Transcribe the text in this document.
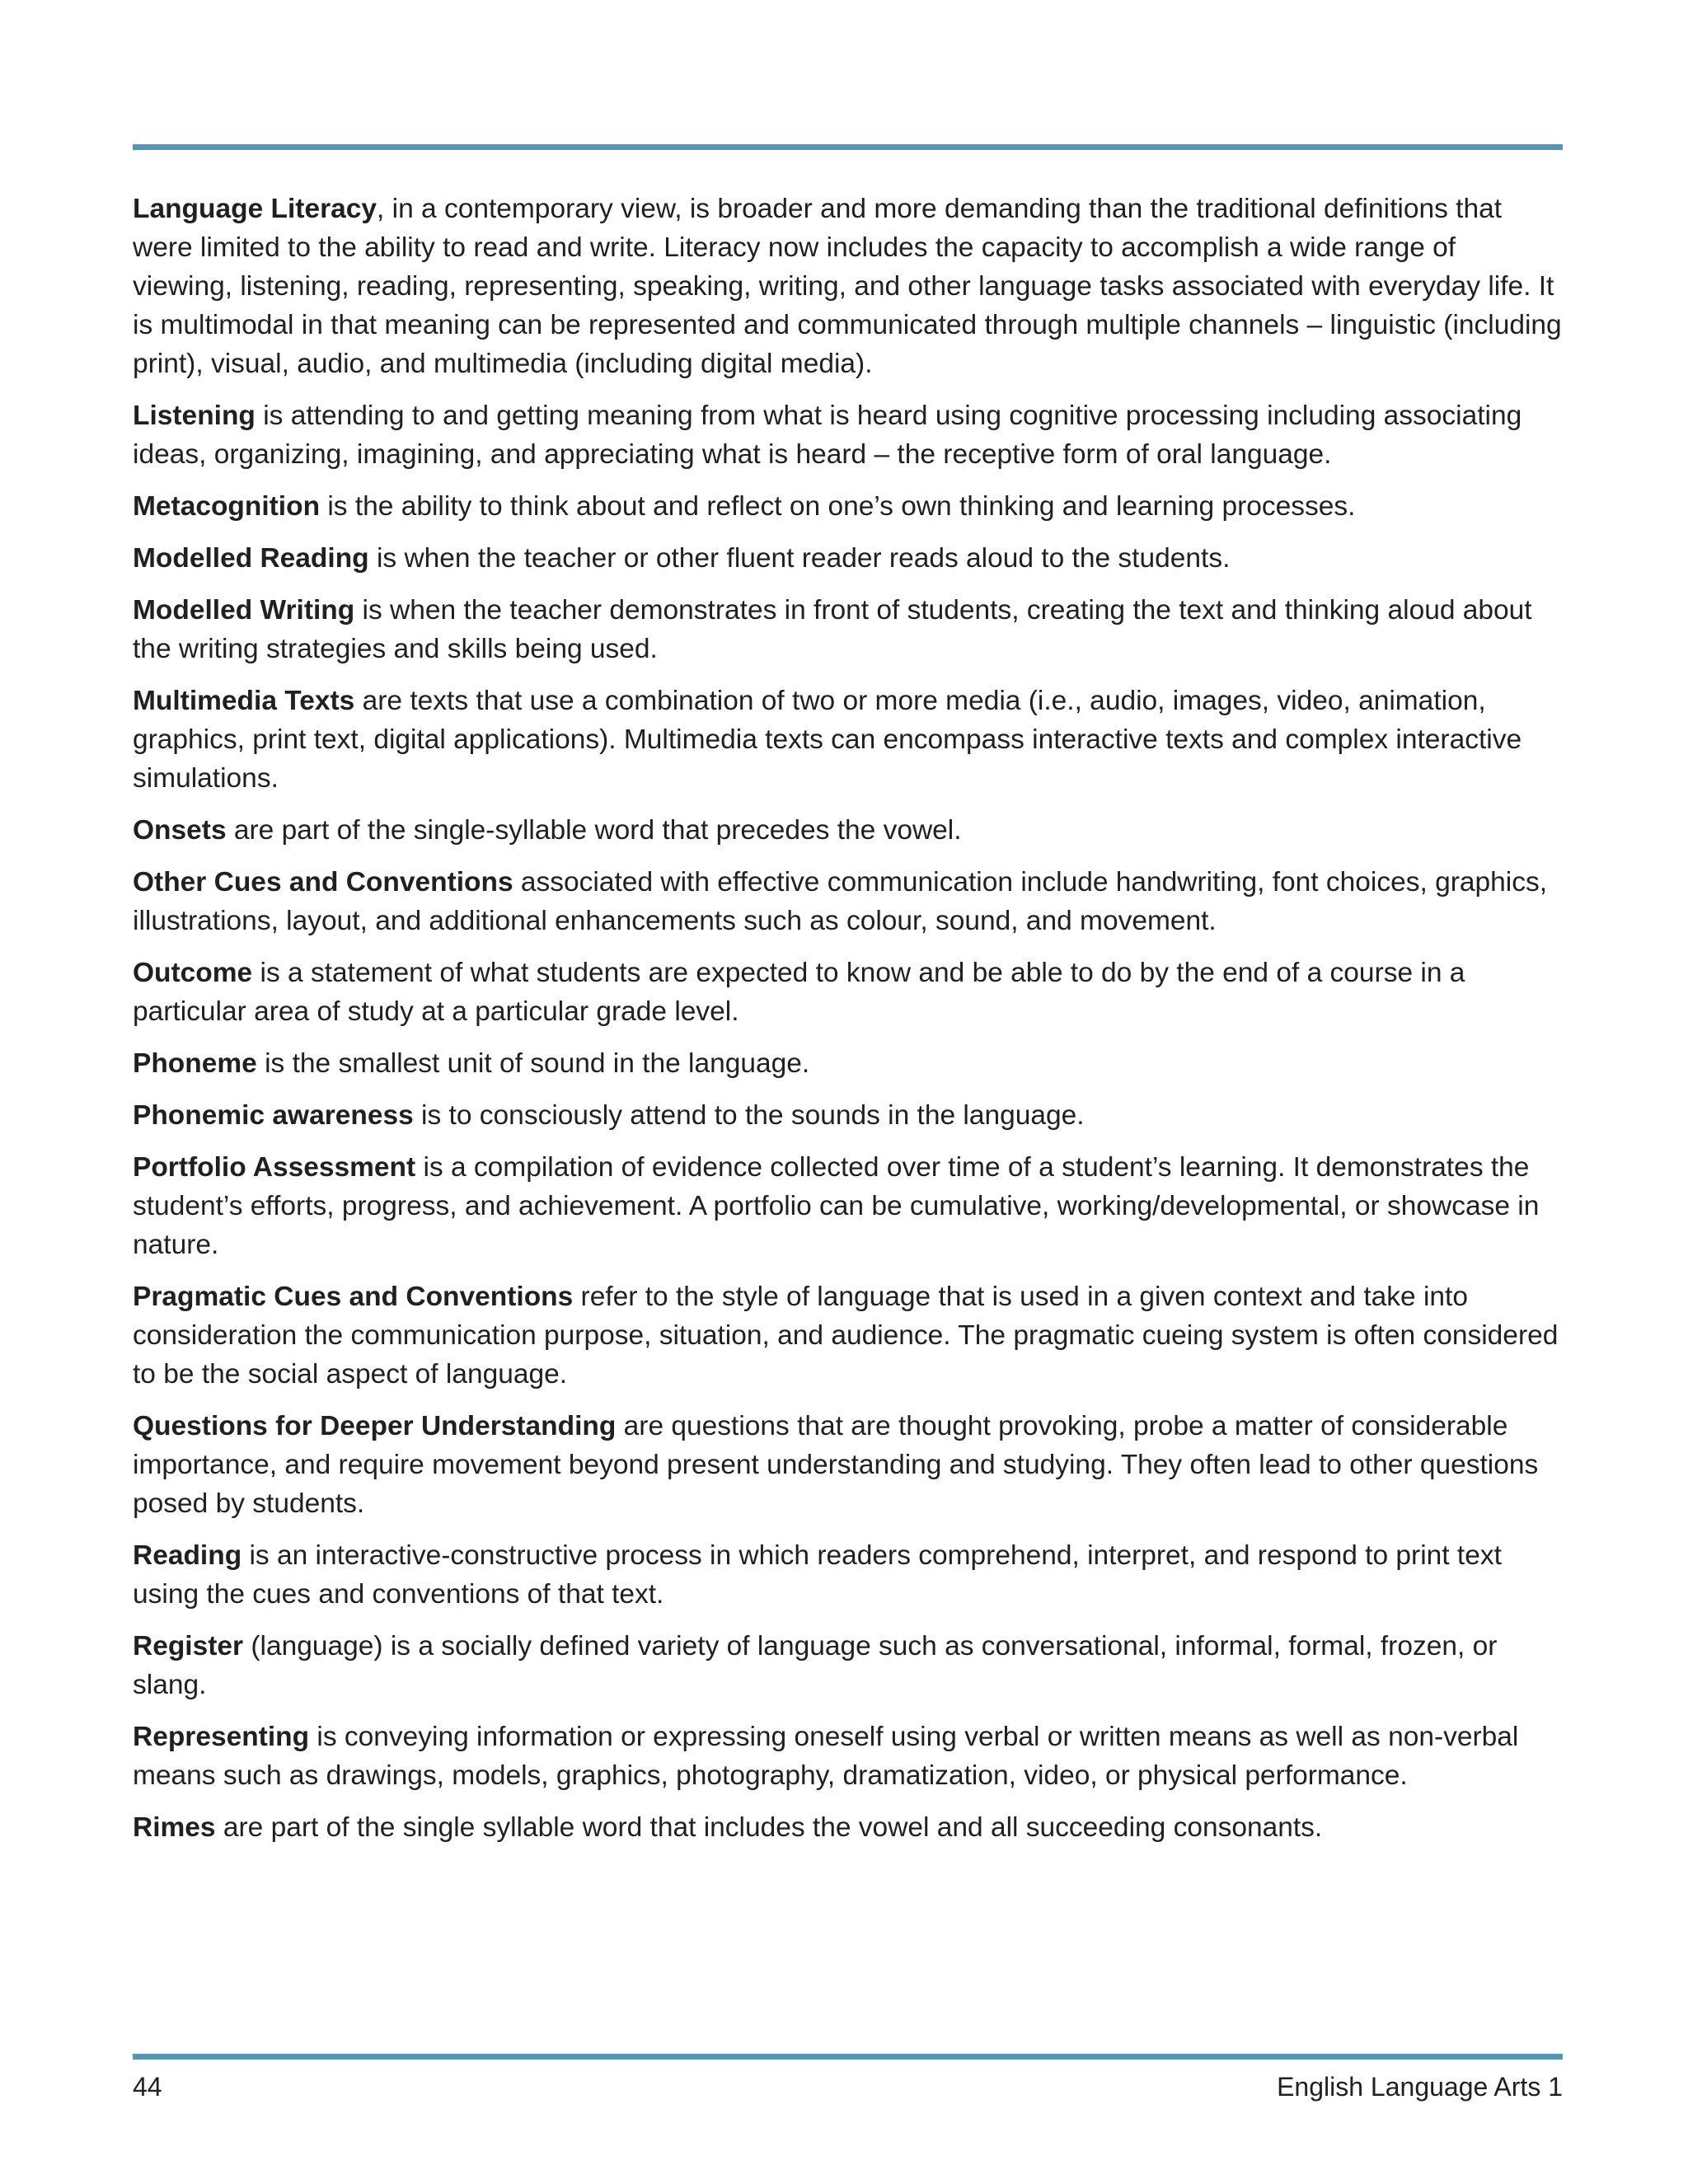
Language Literacy, in a contemporary view, is broader and more demanding than the traditional definitions that were limited to the ability to read and write. Literacy now includes the capacity to accomplish a wide range of viewing, listening, reading, representing, speaking, writing, and other language tasks associated with everyday life. It is multimodal in that meaning can be represented and communicated through multiple channels – linguistic (including print), visual, audio, and multimedia (including digital media).

Listening is attending to and getting meaning from what is heard using cognitive processing including associating ideas, organizing, imagining, and appreciating what is heard – the receptive form of oral language.

Metacognition is the ability to think about and reflect on one’s own thinking and learning processes.

Modelled Reading is when the teacher or other fluent reader reads aloud to the students.

Modelled Writing is when the teacher demonstrates in front of students, creating the text and thinking aloud about the writing strategies and skills being used.

Multimedia Texts are texts that use a combination of two or more media (i.e., audio, images, video, animation, graphics, print text, digital applications). Multimedia texts can encompass interactive texts and complex interactive simulations.

Onsets are part of the single-syllable word that precedes the vowel.

Other Cues and Conventions associated with effective communication include handwriting, font choices, graphics, illustrations, layout, and additional enhancements such as colour, sound, and movement.

Outcome is a statement of what students are expected to know and be able to do by the end of a course in a particular area of study at a particular grade level.

Phoneme is the smallest unit of sound in the language.

Phonemic awareness is to consciously attend to the sounds in the language.

Portfolio Assessment is a compilation of evidence collected over time of a student’s learning. It demonstrates the student’s efforts, progress, and achievement. A portfolio can be cumulative, working/developmental, or showcase in nature.

Pragmatic Cues and Conventions refer to the style of language that is used in a given context and take into consideration the communication purpose, situation, and audience. The pragmatic cueing system is often considered to be the social aspect of language.

Questions for Deeper Understanding are questions that are thought provoking, probe a matter of considerable importance, and require movement beyond present understanding and studying. They often lead to other questions posed by students.

Reading is an interactive-constructive process in which readers comprehend, interpret, and respond to print text using the cues and conventions of that text.

Register (language) is a socially defined variety of language such as conversational, informal, formal, frozen, or slang.

Representing is conveying information or expressing oneself using verbal or written means as well as non-verbal means such as drawings, models, graphics, photography, dramatization, video, or physical performance.

Rimes are part of the single syllable word that includes the vowel and all succeeding consonants.

44	English Language Arts 1
